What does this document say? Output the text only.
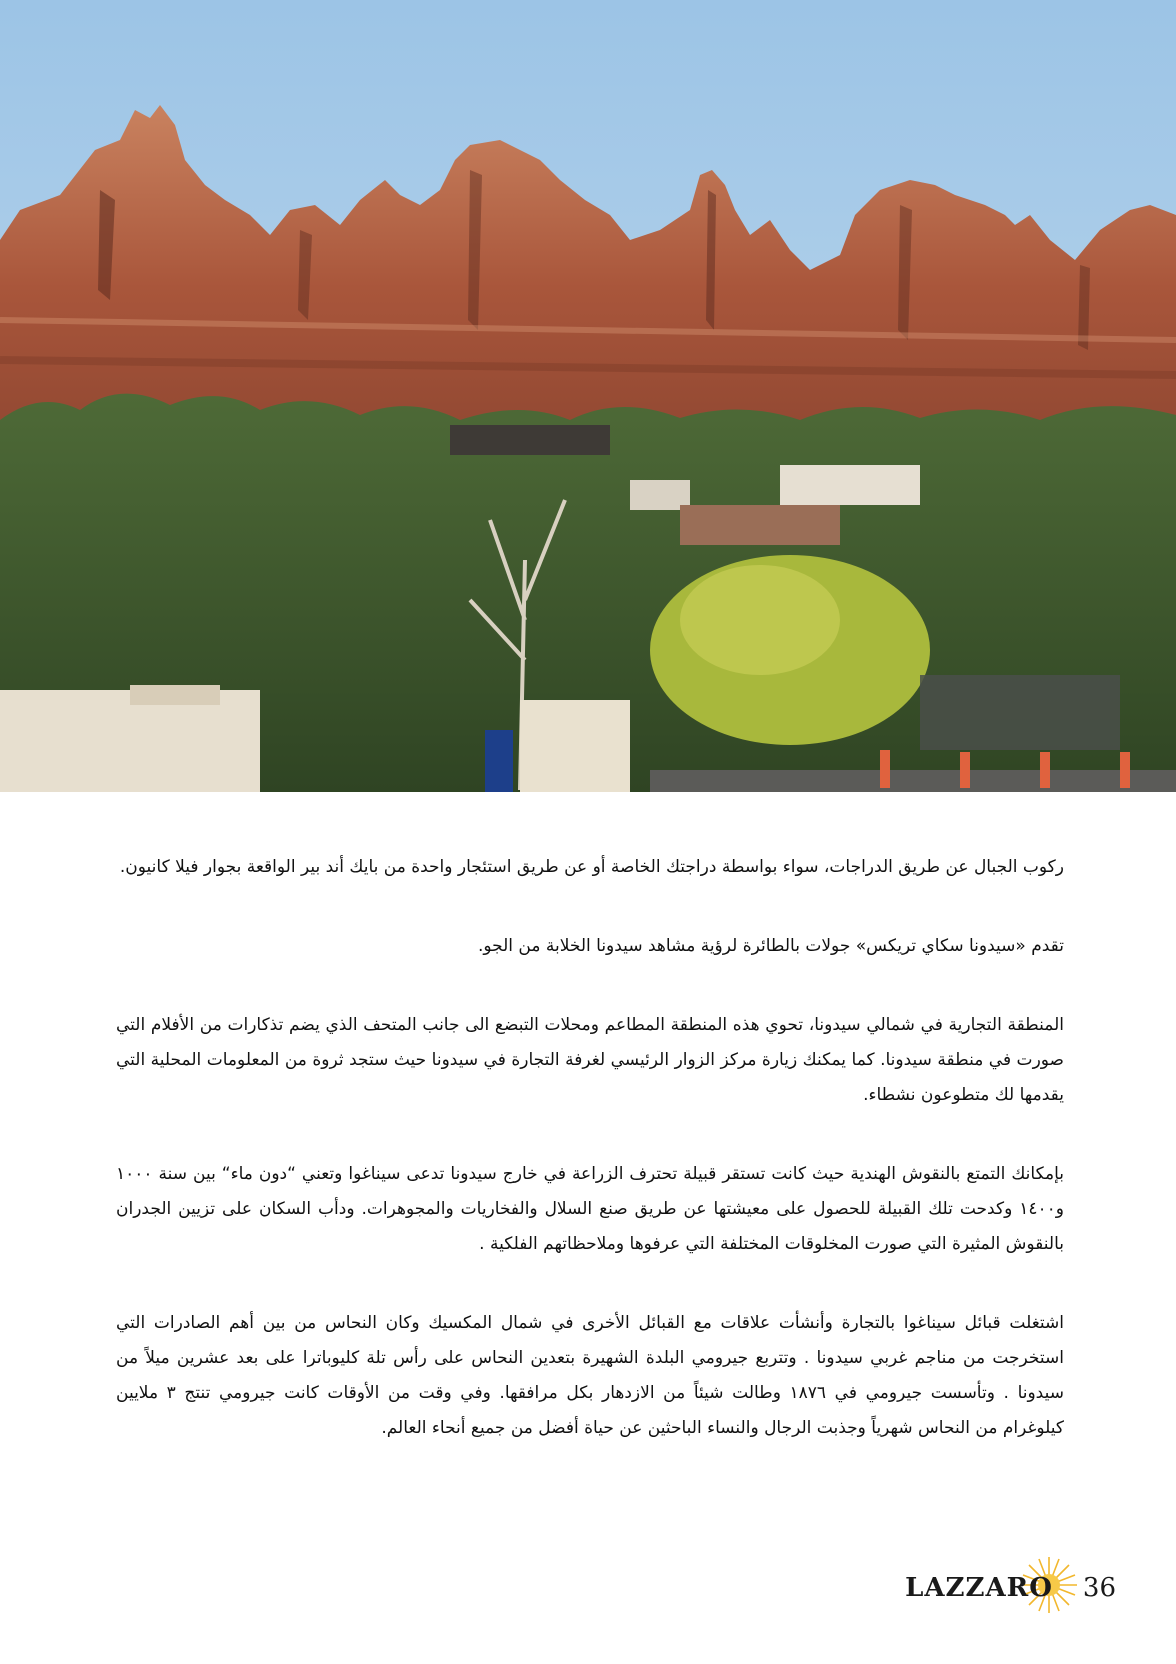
ركوب الجبال عن طريق الدراجات، سواء بواسطة دراجتك الخاصة أو عن طريق استئجار واحدة من بايك أند بير الواقعة بجوار فيلا كانيون.

تقدم «سيدونا سكاي تريكس» جولات بالطائرة لرؤية مشاهد سيدونا الخلابة من الجو.

المنطقة التجارية في شمالي سيدونا، تحوي هذه المنطقة المطاعم ومحلات التبضع الى جانب المتحف الذي يضم تذكارات من الأفلام التي صورت في منطقة سيدونا. كما يمكنك زيارة مركز الزوار الرئيسي لغرفة التجارة في سيدونا حيث ستجد ثروة من المعلومات المحلية التي يقدمها لك متطوعون نشطاء.

بإمكانك التمتع بالنقوش الهندية حيث كانت تستقر قبيلة تحترف الزراعة في خارج سيدونا تدعى سيناغوا وتعني “دون ماء“ بين سنة ١٠٠٠ و١٤٠٠ وكدحت تلك القبيلة للحصول على معيشتها عن طريق صنع السلال والفخاريات والمجوهرات. ودأب السكان على تزيين الجدران بالنقوش المثيرة التي صورت المخلوقات المختلفة التي عرفوها وملاحظاتهم الفلكية .

اشتغلت قبائل سيناغوا بالتجارة وأنشأت علاقات مع القبائل الأخرى في شمال المكسيك وكان النحاس من بين أهم الصادرات التي استخرجت من مناجم غربي سيدونا . وتتربع جيرومي البلدة الشهيرة بتعدين النحاس على رأس تلة كليوباترا على بعد عشرين ميلاً من سيدونا . وتأسست جيرومي في ١٨٧٦ وطالت شيئاً من الازدهار بكل مرافقها. وفي وقت من الأوقات كانت جيرومي تنتج ٣ ملايين كيلوغرام من النحاس شهرياً وجذبت الرجال والنساء الباحثين عن حياة أفضل من جميع أنحاء العالم.

LAZZARO 36
